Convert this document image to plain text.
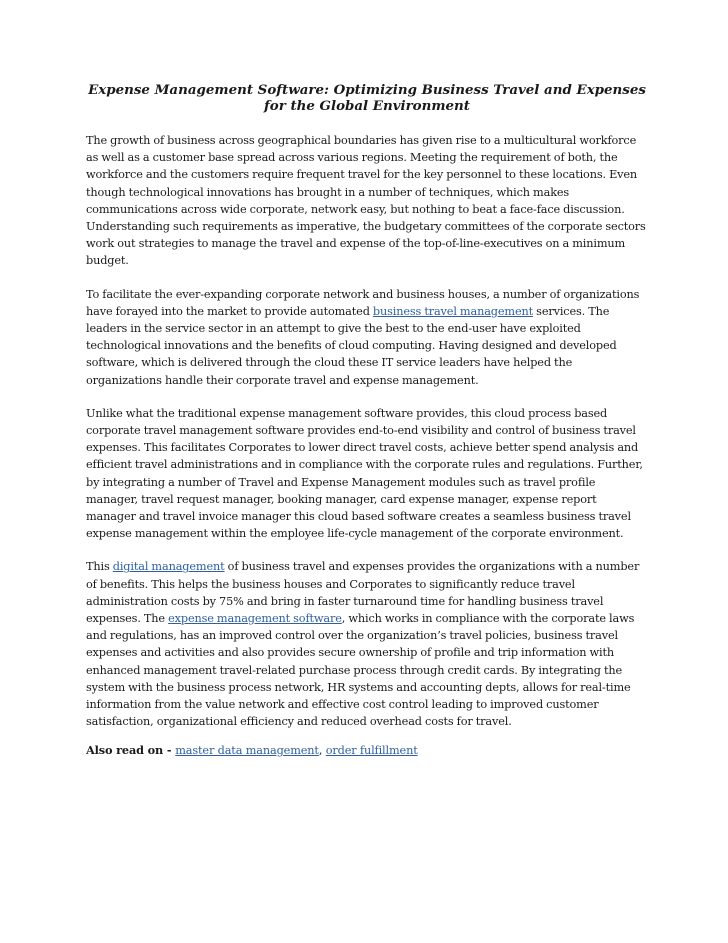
Expense Management Software: Optimizing Business Travel and Expenses for the Global Environment

The growth of business across geographical boundaries has given rise to a multicultural workforce as well as a customer base spread across various regions. Meeting the requirement of both, the workforce and the customers require frequent travel for the key personnel to these locations. Even though technological innovations has brought in a number of techniques, which makes communications across wide corporate, network easy, but nothing to beat a face-face discussion. Understanding such requirements as imperative, the budgetary committees of the corporate sectors work out strategies to manage the travel and expense of the top-of-line-executives on a minimum budget.

To facilitate the ever-expanding corporate network and business houses, a number of organizations have forayed into the market to provide automated business travel management services. The leaders in the service sector in an attempt to give the best to the end-user have exploited technological innovations and the benefits of cloud computing. Having designed and developed software, which is delivered through the cloud these IT service leaders have helped the organizations handle their corporate travel and expense management.

Unlike what the traditional expense management software provides, this cloud process based corporate travel management software provides end-to-end visibility and control of business travel expenses. This facilitates Corporates to lower direct travel costs, achieve better spend analysis and efficient travel administrations and in compliance with the corporate rules and regulations. Further, by integrating a number of Travel and Expense Management modules such as travel profile manager, travel request manager, booking manager, card expense manager, expense report manager and travel invoice manager this cloud based software creates a seamless business travel expense management within the employee life-cycle management of the corporate environment.

This digital management of business travel and expenses provides the organizations with a number of benefits. This helps the business houses and Corporates to significantly reduce travel administration costs by 75% and bring in faster turnaround time for handling business travel expenses. The expense management software, which works in compliance with the corporate laws and regulations, has an improved control over the organization’s travel policies, business travel expenses and activities and also provides secure ownership of profile and trip information with enhanced management travel-related purchase process through credit cards. By integrating the system with the business process network, HR systems and accounting depts, allows for real-time information from the value network and effective cost control leading to improved customer satisfaction, organizational efficiency and reduced overhead costs for travel.

Also read on - master data management, order fulfillment
